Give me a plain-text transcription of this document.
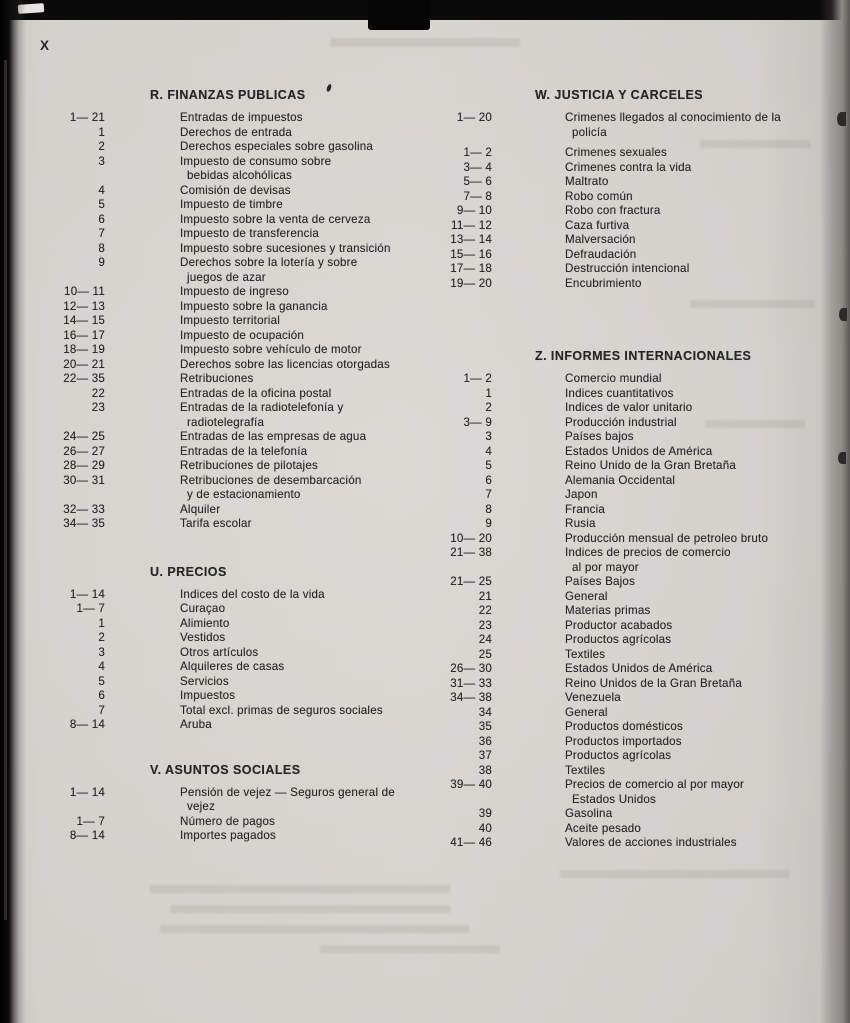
X
R. FINANZAS PUBLICAS
1— 21	Entradas de impuestos
1	Derechos de entrada
2	Derechos especiales sobre gasolina
3	Impuesto de consumo sobre
bebidas alcohólicas
4	Comisión de devisas
5	Impuesto de timbre
6	Impuesto sobre la venta de cerveza
7	Impuesto de transferencia
8	Impuesto sobre sucesiones y transición
9	Derechos sobre la lotería y sobre
juegos de azar
10— 11	Impuesto de ingreso
12— 13	Impuesto sobre la ganancia
14— 15	Impuesto territorial
16— 17	Impuesto de ocupación
18— 19	Impuesto sobre vehículo de motor
20— 21	Derechos sobre las licencias otorgadas
22— 35	Retribuciones
22	Entradas de la oficina postal
23	Entradas de la radiotelefonía y
radiotelegrafía
24— 25	Entradas de las empresas de agua
26— 27	Entradas de la telefonía
28— 29	Retribuciones de pilotajes
30— 31	Retribuciones de desembarcación
y de estacionamiento
32— 33	Alquiler
34— 35	Tarifa escolar
U. PRECIOS
1— 14	Indices del costo de la vida
1— 7	Curaçao
1	Alimiento
2	Vestidos
3	Otros artículos
4	Alquileres de casas
5	Servicios
6	Impuestos
7	Total excl. primas de seguros sociales
8— 14	Aruba
V. ASUNTOS SOCIALES
1— 14	Pensión de vejez — Seguros general de
vejez
1— 7	Número de pagos
8— 14	Importes pagados
W. JUSTICIA Y CARCELES
1— 20	Crimenes llegados al conocimiento de la
policía
1— 2	Crimenes sexuales
3— 4	Crimenes contra la vida
5— 6	Maltrato
7— 8	Robo común
9— 10	Robo con fractura
11— 12	Caza furtiva
13— 14	Malversación
15— 16	Defraudación
17— 18	Destrucción intencional
19— 20	Encubrimiento
Z. INFORMES INTERNACIONALES
1— 2	Comercio mundial
1	Indices cuantitativos
2	Indices de valor unitario
3— 9	Producción industrial
3	Países bajos
4	Estados Unidos de América
5	Reino Unido de la Gran Bretaña
6	Alemania Occidental
7	Japon
8	Francia
9	Rusia
10— 20	Producción mensual de petroleo bruto
21— 38	Indices de precios de comercio
al por mayor
21— 25	Países Bajos
21	General
22	Materias primas
23	Productor acabados
24	Productos agrícolas
25	Textiles
26— 30	Estados Unidos de América
31— 33	Reino Unidos de la Gran Bretaña
34— 38	Venezuela
34	General
35	Productos domésticos
36	Productos importados
37	Productos agrícolas
38	Textiles
39— 40	Precios de comercio al por mayor
Estados Unidos
39	Gasolina
40	Aceite pesado
41— 46	Valores de acciones industriales
